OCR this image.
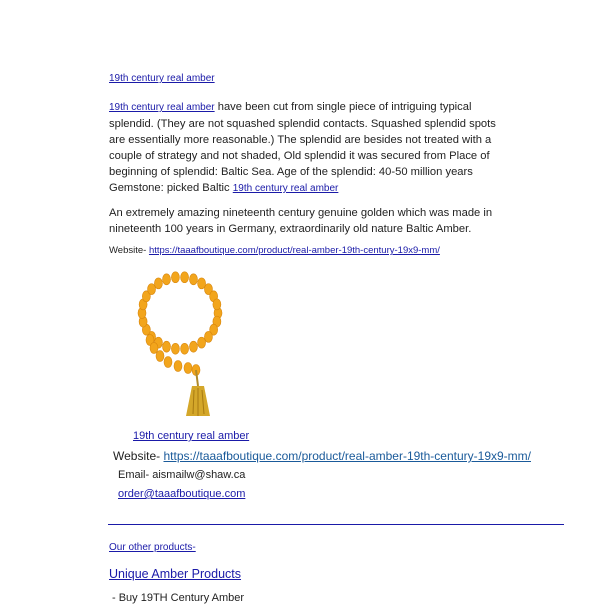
19th century real amber
19th century real amber have been cut from single piece of intriguing typical splendid. (They are not squashed splendid contacts. Squashed splendid spots are essentially more reasonable.) The splendid are besides not treated with a couple of strategy and not shaded, Old splendid it was secured from Place of beginning of splendid: Baltic Sea. Age of the splendid: 40-50 million years Gemstone: picked Baltic 19th century real amber
An extremely amazing nineteenth century genuine golden which was made in nineteenth 100 years in Germany, extraordinarily old nature Baltic Amber.
Website- https://taaafboutique.com/product/real-amber-19th-century-19x9-mm/
19th century real amber
Website- https://taaafboutique.com/product/real-amber-19th-century-19x9-mm/
Email- aismailw@shaw.ca
order@taaafboutique.com
Our other products-
Unique Amber Products
- Buy 19TH Century Amber
